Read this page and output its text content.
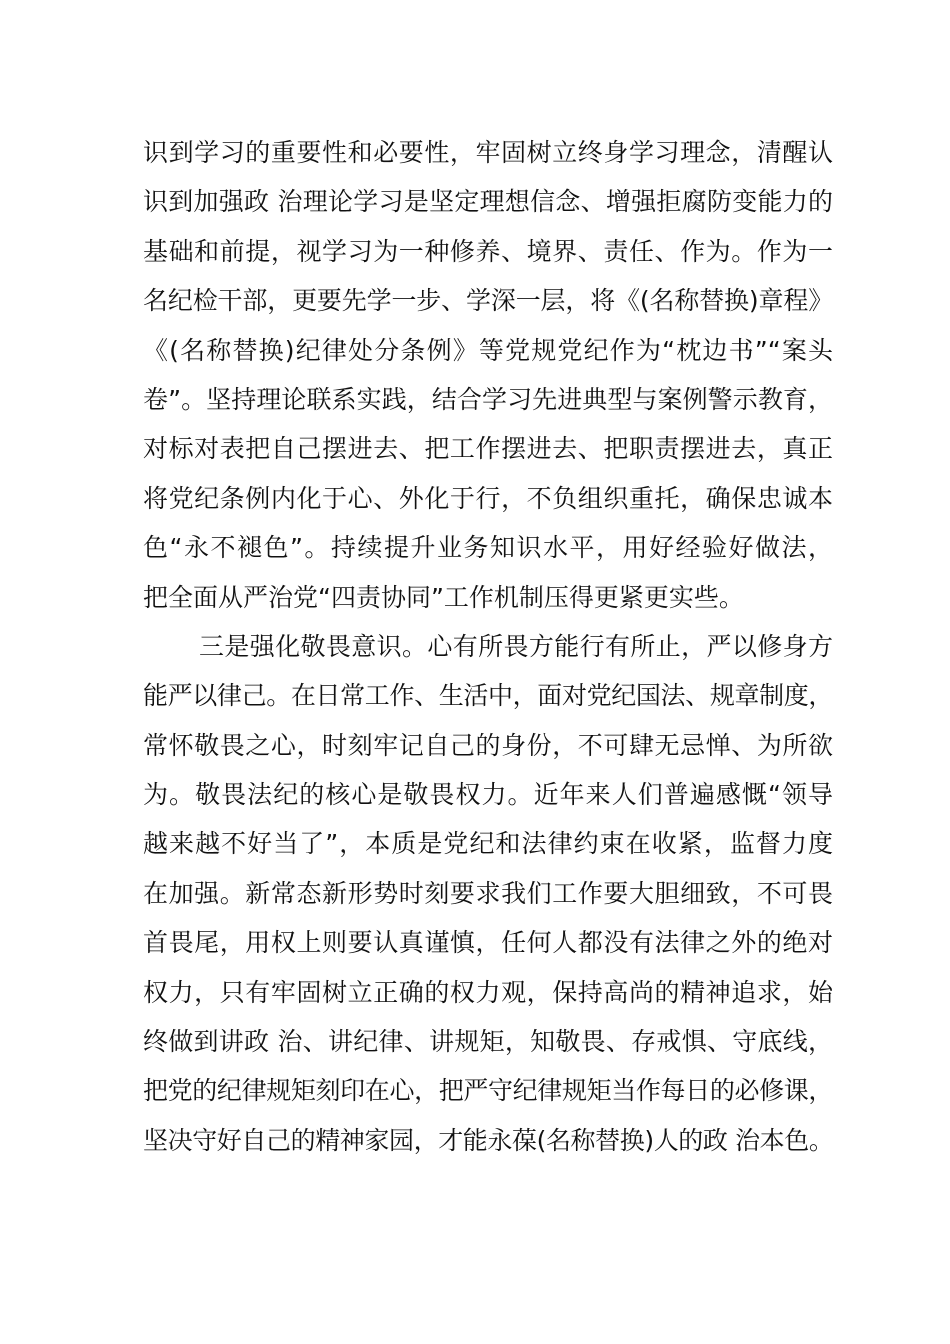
识到学习的重要性和必要性，牢固树立终身学习理念，清醒认
识到加强政 治理论学习是坚定理想信念、增强拒腐防变能力的
基础和前提，视学习为一种修养、境界、责任、作为。作为一
名纪检干部，更要先学一步、学深一层，将《(名称替换)章程》
《(名称替换)纪律处分条例》等党规党纪作为“枕边书”“案头
卷”。坚持理论联系实践，结合学习先进典型与案例警示教育，
对标对表把自己摆进去、把工作摆进去、把职责摆进去，真正
将党纪条例内化于心、外化于行，不负组织重托，确保忠诚本
色“永不褪色”。持续提升业务知识水平，用好经验好做法，
把全面从严治党“四责协同”工作机制压得更紧更实些。
三是强化敬畏意识。心有所畏方能行有所止，严以修身方
能严以律己。在日常工作、生活中，面对党纪国法、规章制度，
常怀敬畏之心，时刻牢记自己的身份，不可肆无忌惮、为所欲
为。敬畏法纪的核心是敬畏权力。近年来人们普遍感慨“领导
越来越不好当了”，本质是党纪和法律约束在收紧，监督力度
在加强。新常态新形势时刻要求我们工作要大胆细致，不可畏
首畏尾，用权上则要认真谨慎，任何人都没有法律之外的绝对
权力，只有牢固树立正确的权力观，保持高尚的精神追求，始
终做到讲政 治、讲纪律、讲规矩，知敬畏、存戒惧、守底线，
把党的纪律规矩刻印在心，把严守纪律规矩当作每日的必修课，
坚决守好自己的精神家园，才能永葆(名称替换)人的政 治本色。
